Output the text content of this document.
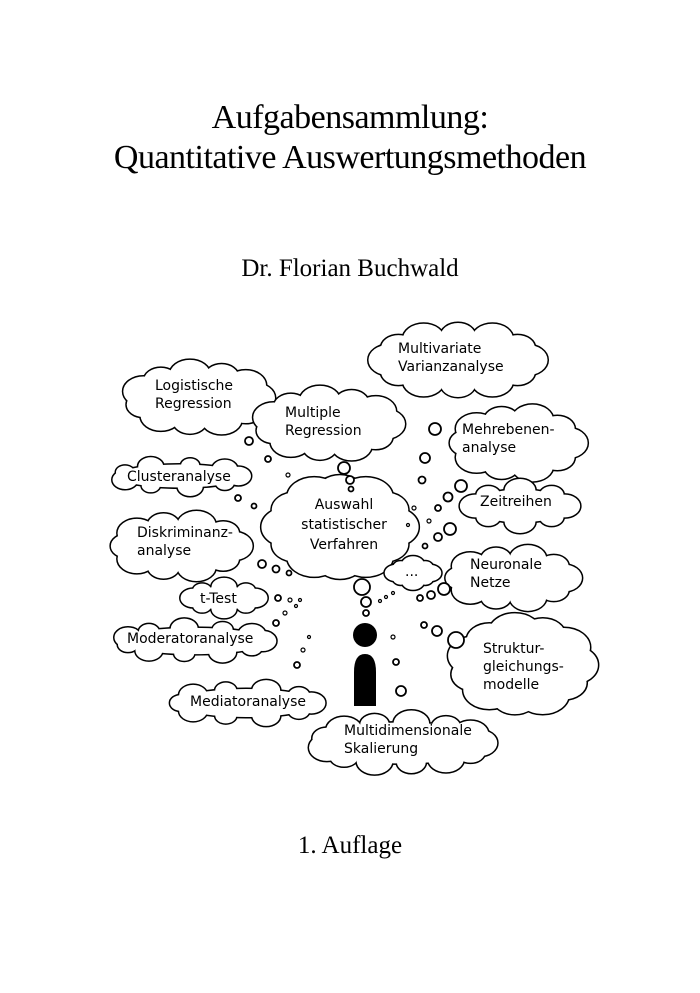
Aufgabensammlung:
Quantitative Auswertungsmethoden
Dr. Florian Buchwald
Logistische Regression
Multiple Regression
Multivariate Varianzanalyse
Mehrebenen-analyse
Clusteranalyse
Zeitreihen
Diskriminanz-analyse
Neuronale Netze
t-Test
Moderatoranalyse
Struktur-gleichungs-modelle
Mediatoranalyse
Multidimensionale Skalierung
Auswahl statistischer Verfahren
...
1. Auflage
